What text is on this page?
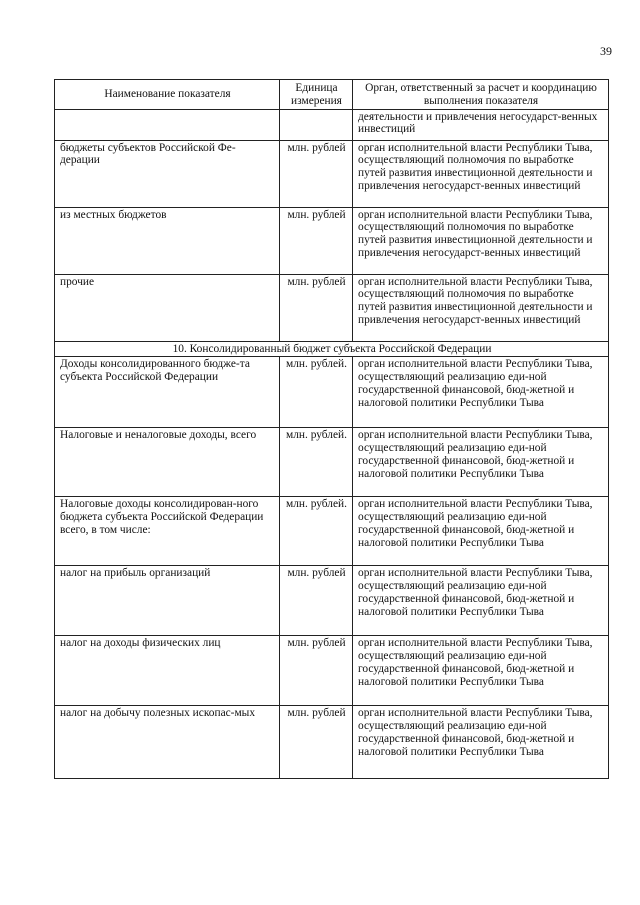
39
Наименование показателя	Единица измерения	Орган, ответственный за расчет и координацию выполнения показателя
		деятельности и привлечения негосударст-венных инвестиций
бюджеты субъектов Российской Фе-дерации	млн. рублей	орган исполнительной власти Республики Тыва, осуществляющий полномочия по выработке путей развития инвестиционной деятельности и привлечения негосударст-венных инвестиций
из местных бюджетов	млн. рублей	орган исполнительной власти Республики Тыва, осуществляющий полномочия по выработке путей развития инвестиционной деятельности и привлечения негосударст-венных инвестиций
прочие	млн. рублей	орган исполнительной власти Республики Тыва, осуществляющий полномочия по выработке путей развития инвестиционной деятельности и привлечения негосударст-венных инвестиций
10. Консолидированный бюджет субъекта Российской Федерации		
Доходы консолидированного бюдже-та субъекта Российской Федерации	млн. рублей.	орган исполнительной власти Республики Тыва, осуществляющий реализацию еди-ной государственной финансовой, бюд-жетной и налоговой политики Республики Тыва
Налоговые и неналоговые доходы, всего	млн. рублей.	орган исполнительной власти Республики Тыва, осуществляющий реализацию еди-ной государственной финансовой, бюд-жетной и налоговой политики Республики Тыва
Налоговые доходы консолидирован-ного бюджета субъекта Российской Федерации всего, в том числе:	млн. рублей.	орган исполнительной власти Республики Тыва, осуществляющий реализацию еди-ной государственной финансовой, бюд-жетной и налоговой политики Республики Тыва
налог на прибыль организаций	млн. рублей	орган исполнительной власти Республики Тыва, осуществляющий реализацию еди-ной государственной финансовой, бюд-жетной и налоговой политики Республики Тыва
налог на доходы физических лиц	млн. рублей	орган исполнительной власти Республики Тыва, осуществляющий реализацию еди-ной государственной финансовой, бюд-жетной и налоговой политики Республики Тыва
налог на добычу полезных ископас-мых	млн. рублей	орган исполнительной власти Республики Тыва, осуществляющий реализацию еди-ной государственной финансовой, бюд-жетной и налоговой политики Республики Тыва
